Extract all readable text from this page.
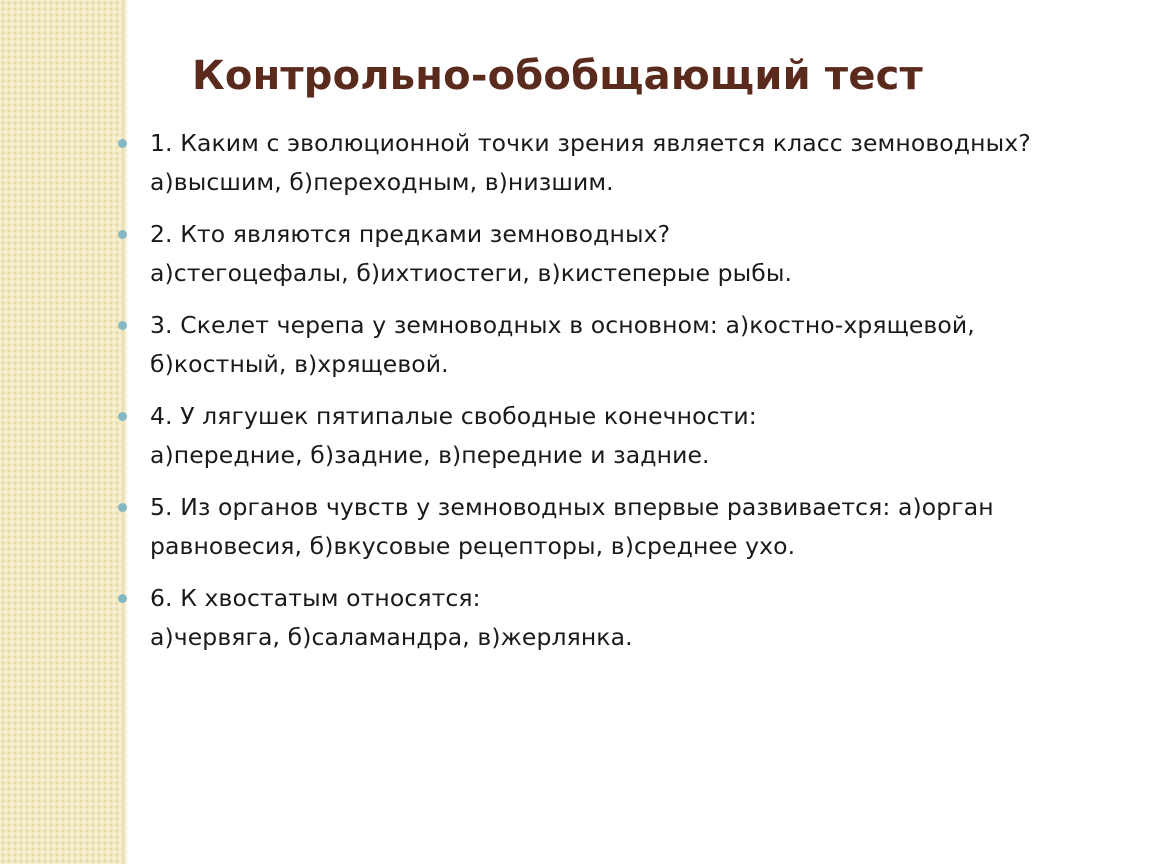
Контрольно-обобщающий тест
1. Каким с эволюционной точки зрения является класс земноводных?
а)высшим, б)переходным, в)низшим.
2. Кто являются предками земноводных?
а)стегоцефалы, б)ихтиостеги, в)кистеперые рыбы.
3. Скелет черепа у земноводных в основном: а)костно-хрящевой,
б)костный, в)хрящевой.
4. У лягушек пятипалые свободные конечности:
а)передние, б)задние, в)передние и задние.
5. Из органов чувств у земноводных впервые развивается: а)орган
равновесия, б)вкусовые рецепторы, в)среднее ухо.
6. К хвостатым относятся:
а)червяга, б)саламандра, в)жерлянка.
